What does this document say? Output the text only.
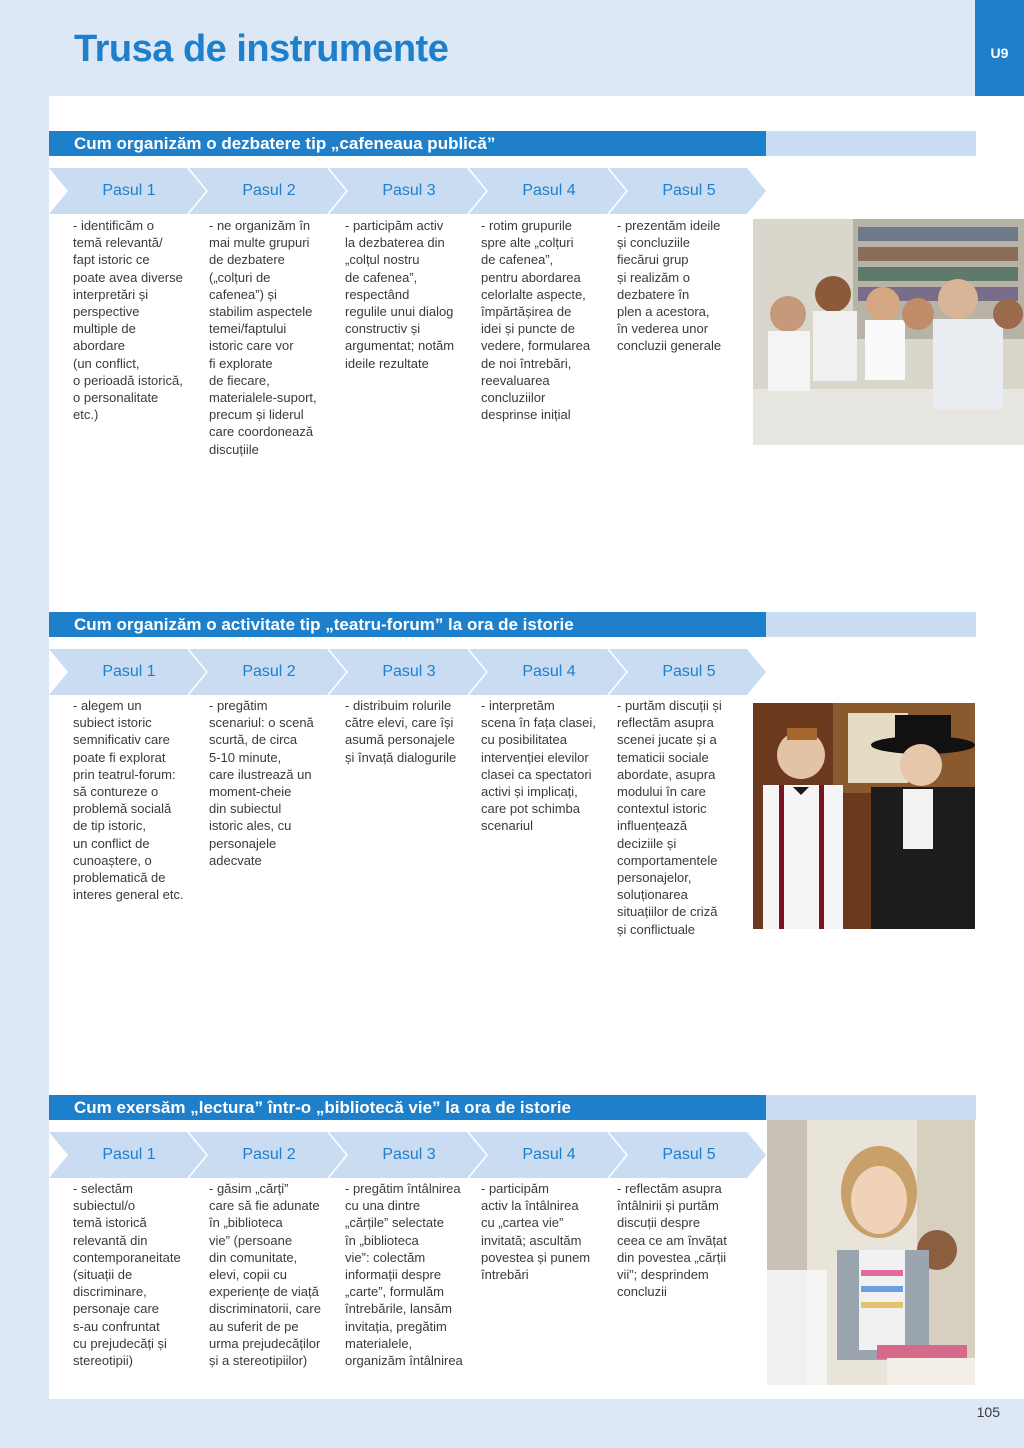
Trusa de instrumente	U9
Cum organizăm o dezbatere tip „cafeneaua publică”
Pasul 1	Pasul 2	Pasul 3	Pasul 4	Pasul 5
- identificăm o
temă relevantă/
fapt istoric ce
poate avea diverse
interpretări și
perspective
multiple de
abordare
(un conflict,
o perioadă istorică,
o personalitate
etc.)
- ne organizăm în
mai multe grupuri
de dezbatere
(„colțuri de
cafenea”) și
stabilim aspectele
temei/faptului
istoric care vor
fi explorate
de fiecare,
materialele-suport,
precum și liderul
care coordonează
discuțiile
- participăm activ
la dezbaterea din
„colțul nostru
de cafenea”,
respectând
regulile unui dialog
constructiv și
argumentat; notăm
ideile rezultate
- rotim grupurile
spre alte „colțuri
de cafenea”,
pentru abordarea
celorlalte aspecte,
împărtășirea de
idei și puncte de
vedere, formularea
de noi întrebări,
reevaluarea
concluziilor
desprinse inițial
- prezentăm ideile
și concluziile
fiecărui grup
și realizăm o
dezbatere în
plen a acestora,
în vederea unor
concluzii generale
Cum organizăm o activitate tip „teatru-forum” la ora de istorie
Pasul 1	Pasul 2	Pasul 3	Pasul 4	Pasul 5
- alegem un
subiect istoric
semnificativ care
poate fi explorat
prin teatrul-forum:
să contureze o
problemă socială
de tip istoric,
un conflict de
cunoaștere, o
problematică de
interes general etc.
- pregătim
scenariul: o scenă
scurtă, de circa
5-10 minute,
care ilustrează un
moment-cheie
din subiectul
istoric ales, cu
personajele
adecvate
- distribuim rolurile
către elevi, care își
asumă personajele
și învață dialogurile
- interpretăm
scena în fața clasei,
cu posibilitatea
intervenției elevilor
clasei ca spectatori
activi și implicați,
care pot schimba
scenariul
- purtăm discuții și
reflectăm asupra
scenei jucate și a
tematicii sociale
abordate, asupra
modului în care
contextul istoric
influențează
deciziile și
comportamentele
personajelor,
soluționarea
situațiilor de criză
și conflictuale
Cum exersăm „lectura” într-o „bibliotecă vie” la ora de istorie
Pasul 1	Pasul 2	Pasul 3	Pasul 4	Pasul 5
- selectăm
subiectul/o
temă istorică
relevantă din
contemporaneitate
(situații de
discriminare,
personaje care
s-au confruntat
cu prejudecăți și
stereotipii)
- găsim „cărți”
care să fie adunate
în „biblioteca
vie” (persoane
din comunitate,
elevi, copii cu
experiențe de viață
discriminatorii, care
au suferit de pe
urma prejudecăților
și a stereotipiilor)
- pregătim întâlnirea
cu una dintre
„cărțile” selectate
în „biblioteca
vie”: colectăm
informații despre
„carte”, formulăm
întrebările, lansăm
invitația, pregătim
materialele,
organizăm întâlnirea
- participăm
activ la întâlnirea
cu „cartea vie”
invitată; ascultăm
povestea și punem
întrebări
- reflectăm asupra
întâlnirii și purtăm
discuții despre
ceea ce am învățat
din povestea „cărții
vii”; desprindem
concluzii
105
